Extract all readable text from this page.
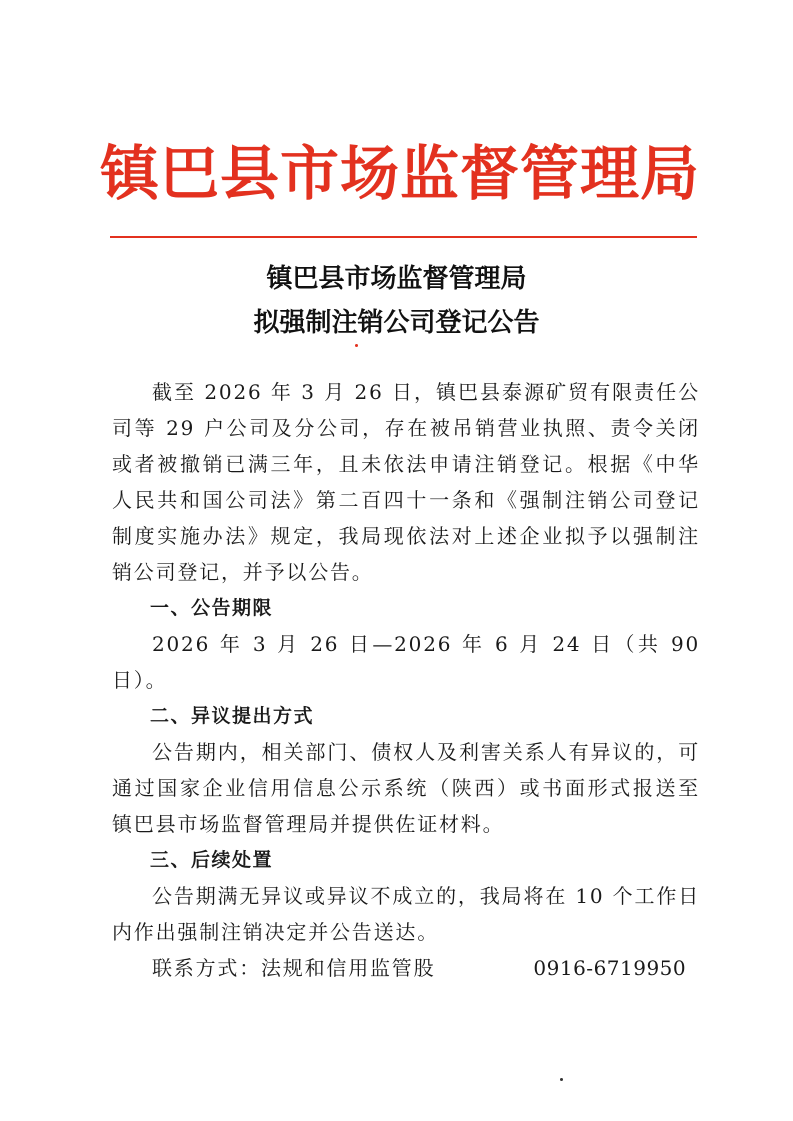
镇巴县市场监督管理局
镇巴县市场监督管理局
拟强制注销公司登记公告

截至 2026 年 3 月 26 日，镇巴县泰源矿贸有限责任公司等 29 户公司及分公司，存在被吊销营业执照、责令关闭或者被撤销已满三年，且未依法申请注销登记。根据《中华人民共和国公司法》第二百四十一条和《强制注销公司登记制度实施办法》规定，我局现依法对上述企业拟予以强制注销公司登记，并予以公告。

一、公告期限

2026 年 3 月 26 日—2026 年 6 月 24 日（共 90 日）。

二、异议提出方式

公告期内，相关部门、债权人及利害关系人有异议的，可通过国家企业信用信息公示系统（陕西）或书面形式报送至镇巴县市场监督管理局并提供佐证材料。

三、后续处置

公告期满无异议或异议不成立的，我局将在 10 个工作日内作出强制注销决定并公告送达。

联系方式：法规和信用监管股	0916-6719950
